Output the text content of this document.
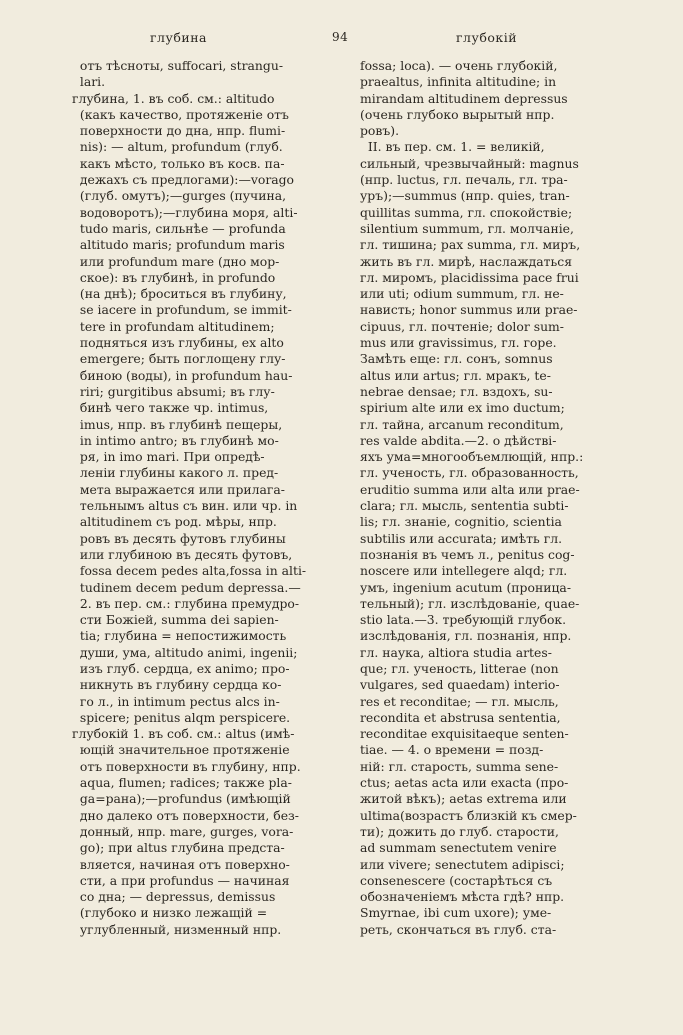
глубина	94	глубокій
отъ тѣсноты, suffocari, strangu-
lari.
глубина, 1. въ соб. см.: altitudo
(какъ качество, протяженіе отъ
поверхности до дна, нпр. flumi-
nis): — altum, profundum (глуб.
какъ мѣсто, только въ косв. па-
дежахъ съ предлогами):—vorago
(глуб. омутъ);—gurges (пучина,
водоворотъ);—глубина моря, alti-
tudo maris, сильнѣе — profunda
altitudo maris; profundum maris
или profundum mare (дно мор-
ское): въ глубинѣ, in profundo
(на днѣ); броситься въ глубину,
se iacere in profundum, se immit-
tere in profundam altitudinem;
подняться изъ глубины, ex alto
emergere; быть поглощену глу-
биною (воды), in profundum hau-
riri; gurgitibus absumi; въ глу-
бинѣ чего также чр. intimus,
imus, нпр. въ глубинѣ пещеры,
in intimo antro; въ глубинѣ мо-
ря, in imo mari. При опредѣ-
леніи глубины какого л. пред-
мета выражается или прилага-
тельнымъ altus съ вин. или чр. in
altitudinem съ род. мѣры, нпр.
ровъ въ десять футовъ глубины
или глубиною въ десять футовъ,
fossa decem pedes alta,fossa in alti-
tudinem decem pedum depressa.—
2. въ пер. см.: глубина премудро-
сти Божіей, summa dei sapien-
tia; глубина = непостижимость
души, ума, altitudo animi, ingenii;
изъ глуб. сердца, ex animo; про-
никнуть въ глубину сердца ко-
го л., in intimum pectus alcs in-
spicere; penitus alqm perspicere.
глубокій 1. въ соб. см.: altus (имѣ-
ющій значительное протяженіе
отъ поверхности въ глубину, нпр.
aqua, flumen; radices; также pla-
ga=рана);—profundus (имѣющій
дно далеко отъ поверхности, без-
донный, нпр. mare, gurges, vora-
go); при altus глубина предста-
вляется, начиная отъ поверхно-
сти, а при profundus — начиная
со дна; — depressus, demissus
(глубоко и низко лежащій =
углубленный, низменный нпр.
fossa; loca). — очень глубокій,
praealtus, infinita altitudine; in
mirandam altitudinem depressus
(очень глубоко вырытый нпр.
ровъ).
II. въ пер. см. 1. = великій,
сильный, чрезвычайный: magnus
(нпр. luctus, гл. печаль, гл. тра-
уръ);—summus (нпр. quies, tran-
quillitas summa, гл. спокойствіе;
silentium summum, гл. молчаніе,
гл. тишина; pax summa, гл. миръ,
жить въ гл. мирѣ, наслаждаться
гл. миромъ, placidissima pace frui
или uti; odium summum, гл. не-
нависть; honor summus или prae-
cipuus, гл. почтеніе; dolor sum-
mus или gravissimus, гл. горе.
Замѣть еще: гл. сонъ, somnus
altus или artus; гл. мракъ, te-
nebrae densae; гл. вздохъ, su-
spirium alte или ex imo ductum;
гл. тайна, arcanum reconditum,
res valde abdita.—2. о дѣйстві-
яхъ ума=многообъемлющій, нпр.:
гл. ученость, гл. образованность,
eruditio summa или alta или prae-
clara; гл. мысль, sententia subti-
lis; гл. знаніе, cognitio, scientia
subtilis или accurata; имѣть гл.
познанія въ чемъ л., penitus cog-
noscere или intellegere alqd; гл.
умъ, ingenium acutum (проница-
тельный); гл. изслѣдованіе, quae-
stio lata.—3. требующій глубок.
изслѣдованія, гл. познанія, нпр.
гл. наука, altiora studia artes-
que; гл. ученость, litterae (non
vulgares, sed quaedam) interio-
res et reconditae; — гл. мысль,
recondita et abstrusa sententia,
reconditae exquisitaeque senten-
tiae. — 4. о времени = позд-
ній: гл. старость, summa sene-
ctus; aetas acta или exacta (про-
житой вѣкъ); aetas extrema или
ultima(возрастъ близкій къ смер-
ти); дожить до глуб. старости,
ad summam senectutem venire
или vivere; senectutem adipisci;
consenescere (состарѣться съ
обозначеніемъ мѣста гдѣ? нпр.
Smyrnae, ibi cum uxore); уме-
реть, скончаться въ глуб. ста-
